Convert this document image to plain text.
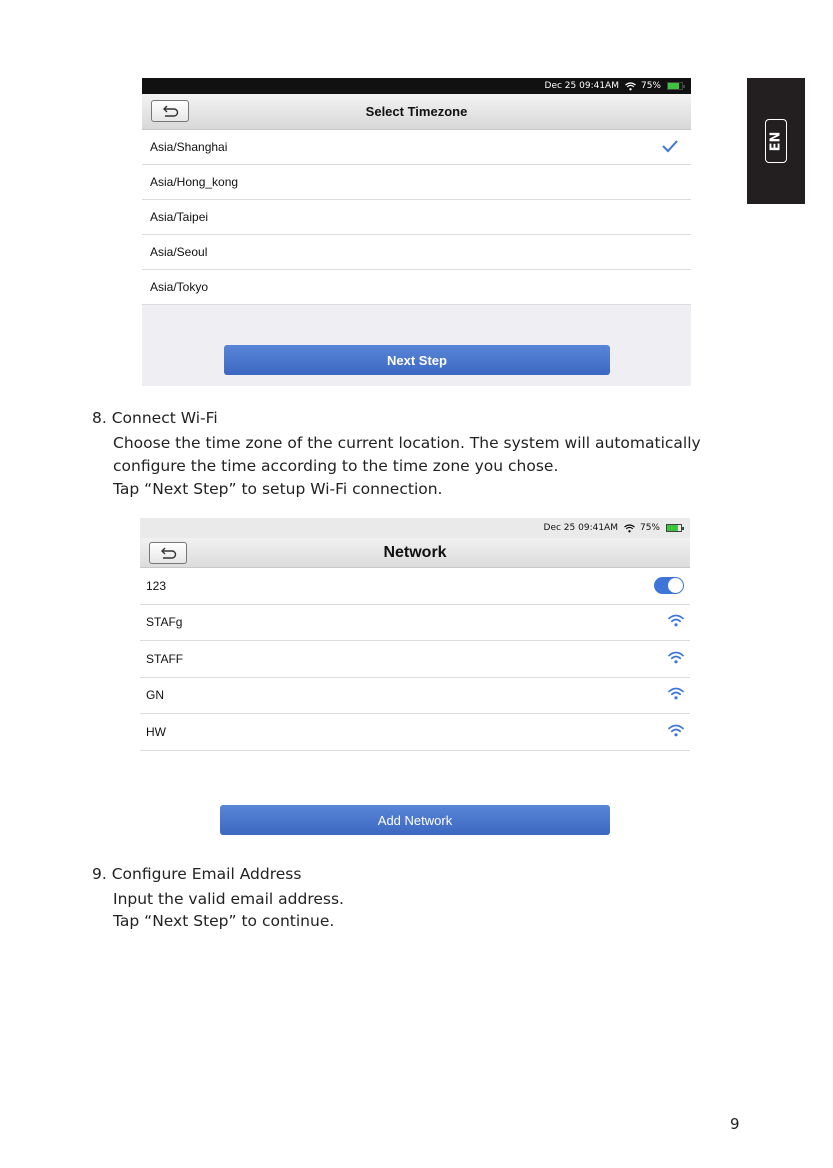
Dec 25 09:41AM 75%
Select Timezone
Asia/Shanghai
Asia/Hong_kong
Asia/Taipei
Asia/Seoul
Asia/Tokyo
Next Step
8. Connect Wi-Fi
Choose the time zone of the current location. The system will automatically
configure the time according to the time zone you chose.
Tap “Next Step” to setup Wi-Fi connection.
Dec 25 09:41AM 75%
Network
123
STAFg
STAFF
GN
HW
Add Network
9. Configure Email Address
Input the valid email address.
Tap “Next Step” to continue.
EN
9
